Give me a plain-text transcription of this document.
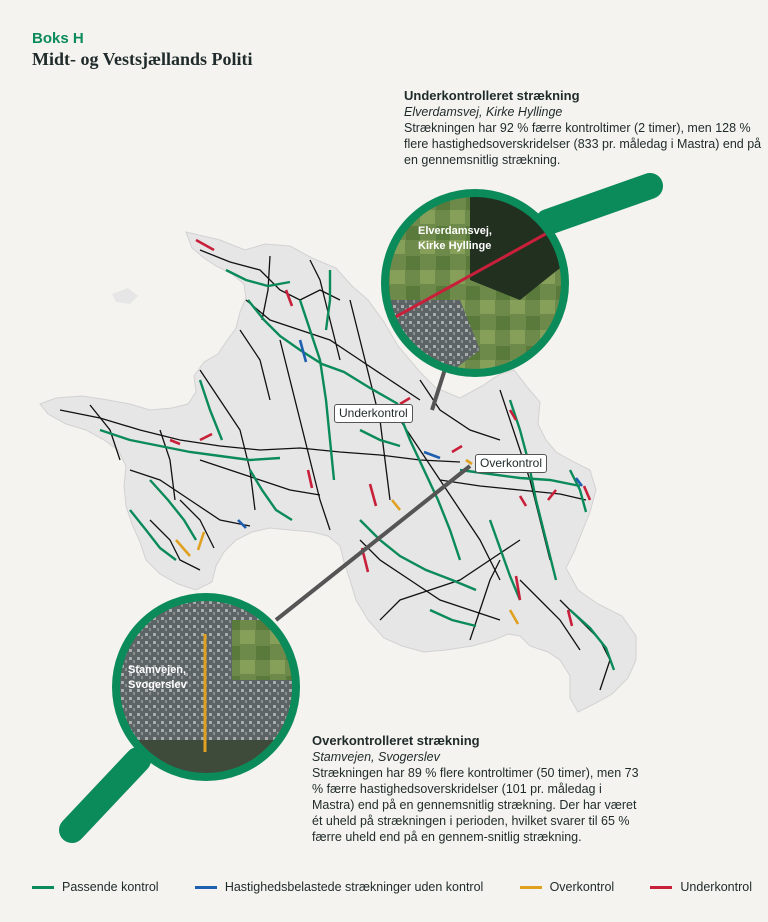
Boks H
Midt- og Vestsjællands Politi
Underkontrolleret strækning
Elverdamsvej, Kirke Hyllinge
Strækningen har 92 % færre kontroltimer (2 timer), men 128 % flere hastighedsoverskridelser (833 pr. måledag i Mastra) end på en gennemsnitlig strækning.
Elverdamsvej,
Kirke Hyllinge
Stamvejen,
Svogerslev
Underkontrol
Overkontrol
Overkontrolleret strækning
Stamvejen, Svogerslev
Strækningen har 89 % flere kontroltimer (50 timer), men 73 % færre hastighedsoverskridelser (101 pr. måledag i Mastra) end på en gennemsnitlig strækning. Der har været ét uheld på strækningen i perioden, hvilket svarer til 65 % færre uheld end på en gennem-snitlig strækning.
Passende kontrol	Hastighedsbelastede strækninger uden kontrol	Overkontrol	Underkontrol
